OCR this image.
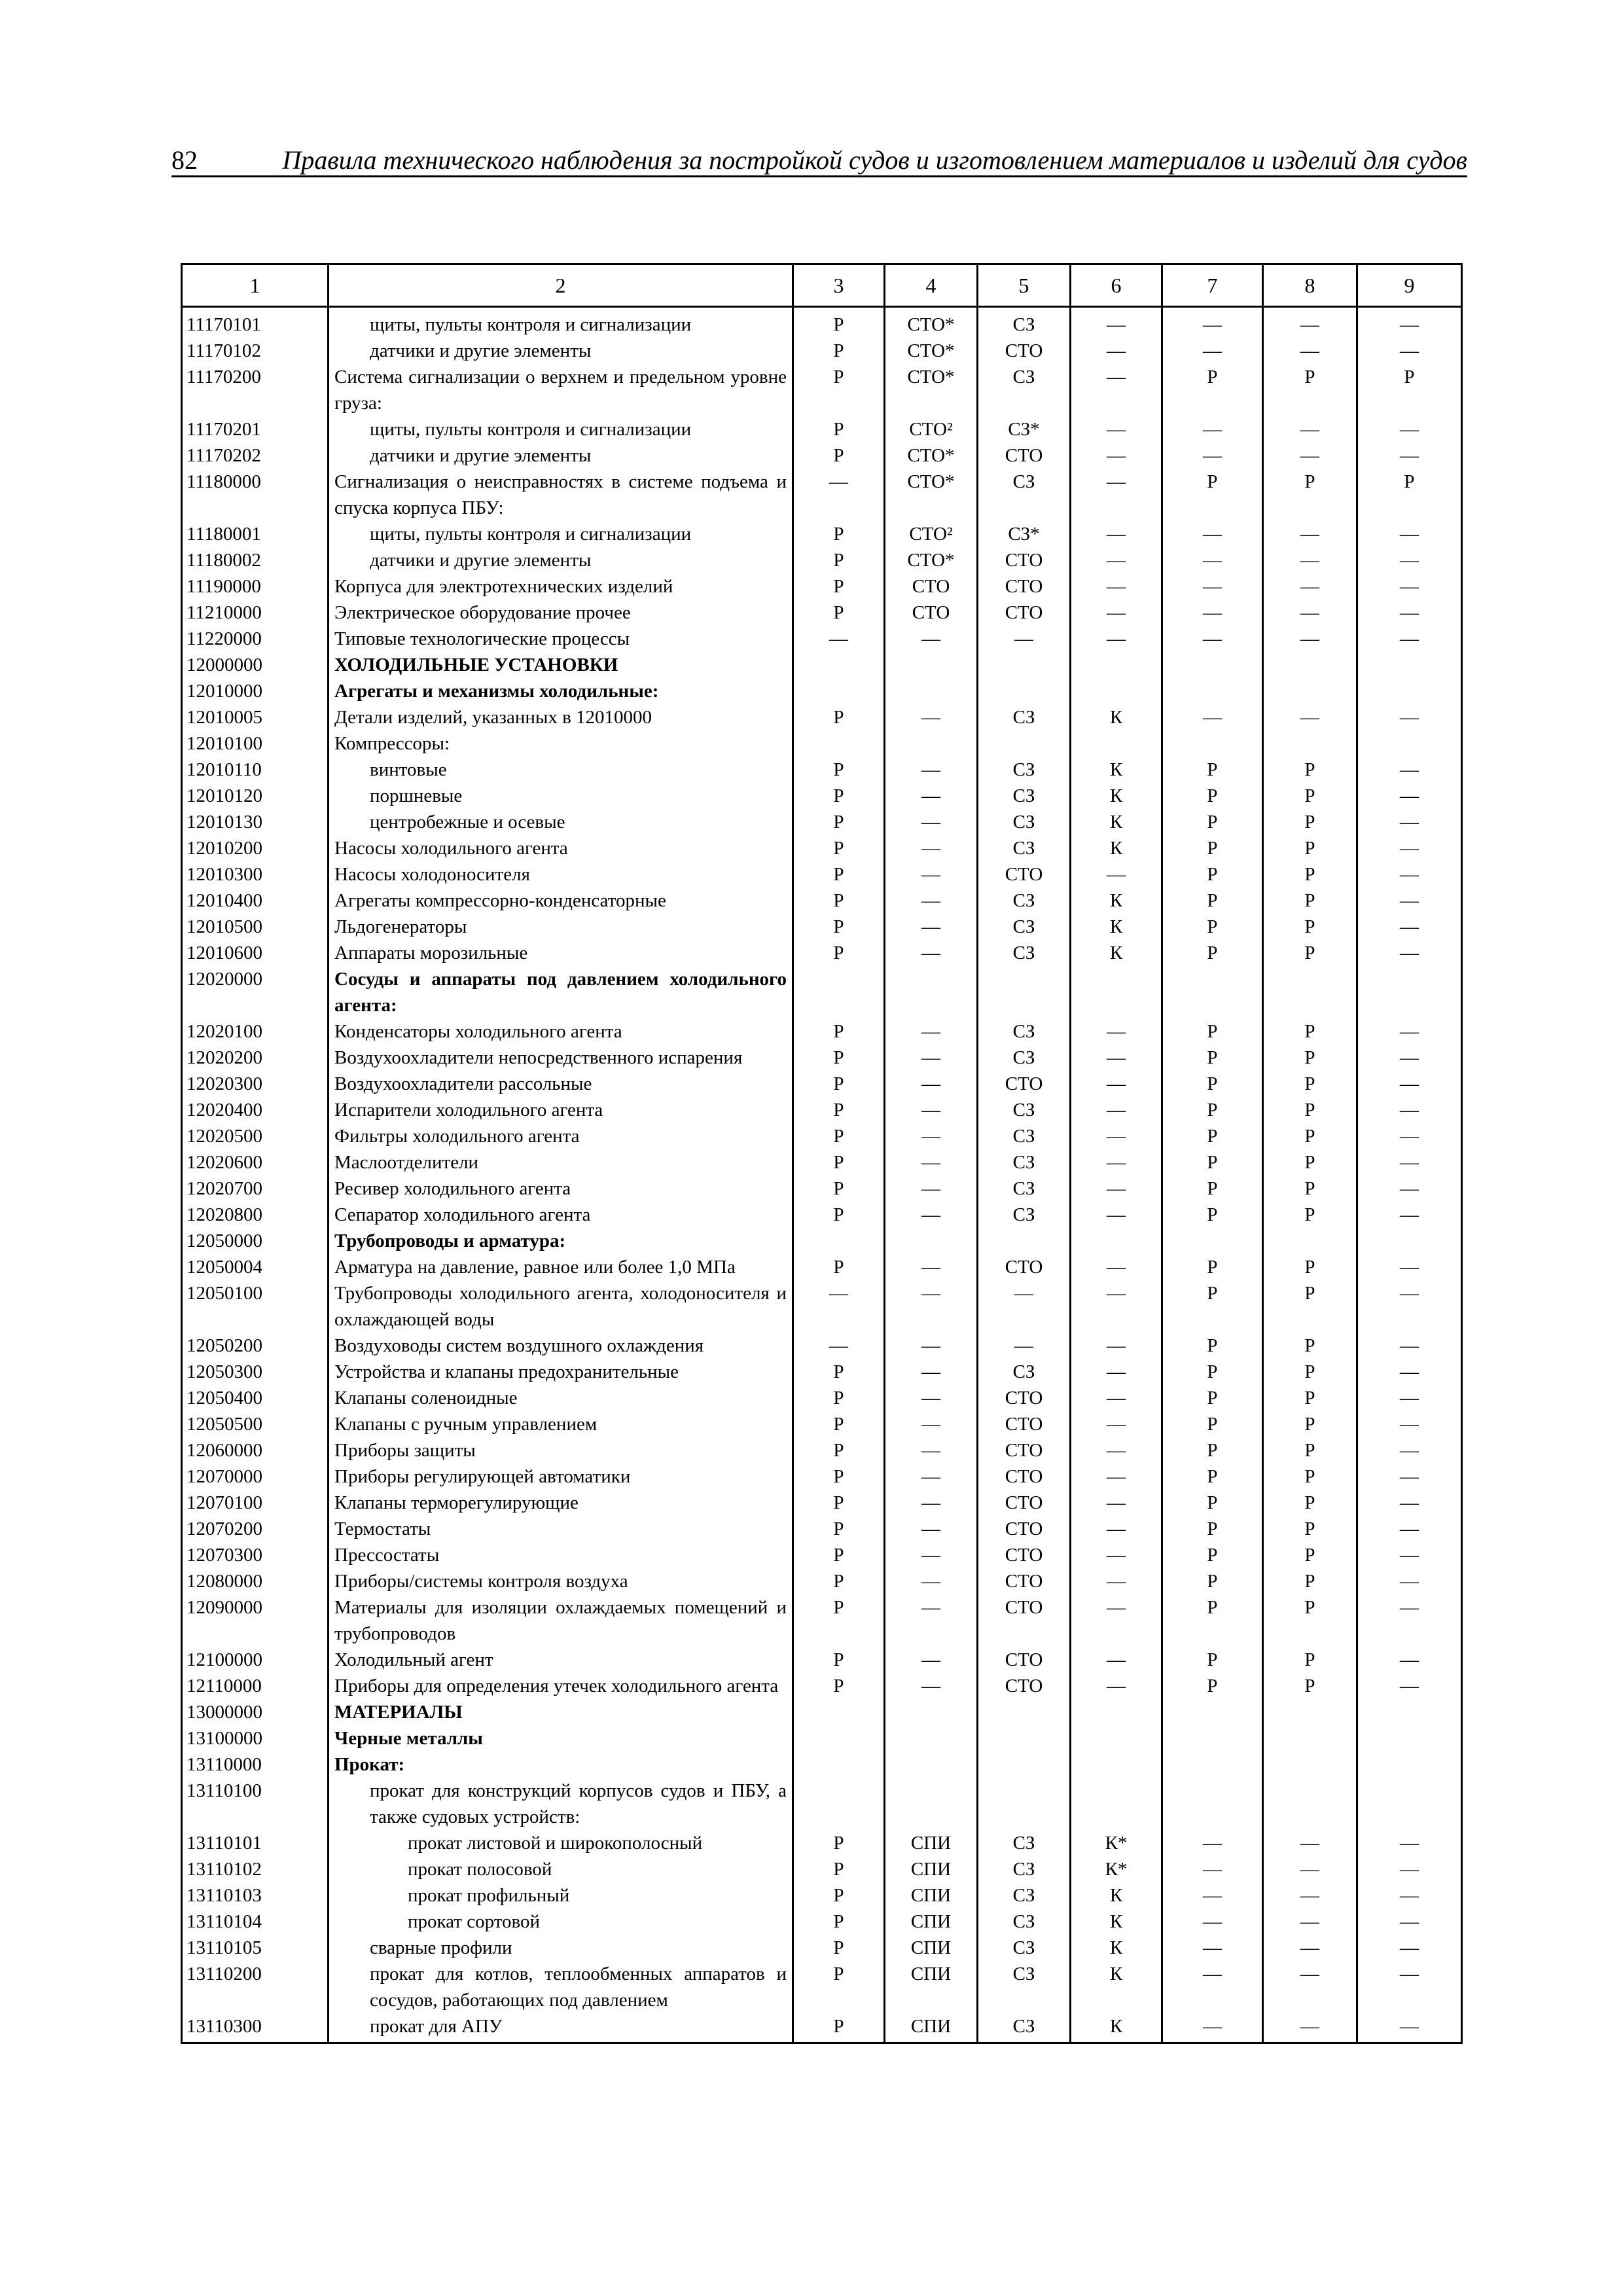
82	Правила технического наблюдения за постройкой судов и изготовлением материалов и изделий для судов
1	2	3	4	5	6	7	8	9
11170101	щиты, пульты контроля и сигнализации	Р	СТО*	СЗ	—	—	—	—
11170102	датчики и другие элементы	Р	СТО*	СТО	—	—	—	—
11170200	Система сигнализации о верхнем и предельном уровне груза:	Р	СТО*	СЗ	—	Р	Р	Р
11170201	щиты, пульты контроля и сигнализации	Р	СТО²	СЗ*	—	—	—	—
11170202	датчики и другие элементы	Р	СТО*	СТО	—	—	—	—
11180000	Сигнализация о неисправностях в системе подъема и спуска корпуса ПБУ:	—	СТО*	СЗ	—	Р	Р	Р
11180001	щиты, пульты контроля и сигнализации	Р	СТО²	СЗ*	—	—	—	—
11180002	датчики и другие элементы	Р	СТО*	СТО	—	—	—	—
11190000	Корпуса для электротехнических изделий	Р	СТО	СТО	—	—	—	—
11210000	Электрическое оборудование прочее	Р	СТО	СТО	—	—	—	—
11220000	Типовые технологические процессы	—	—	—	—	—	—	—
12000000	ХОЛОДИЛЬНЫЕ УСТАНОВКИ							
12010000	Агрегаты и механизмы холодильные:							
12010005	Детали изделий, указанных в 12010000	Р	—	СЗ	К	—	—	—
12010100	Компрессоры:							
12010110	винтовые	Р	—	СЗ	К	Р	Р	—
12010120	поршневые	Р	—	СЗ	К	Р	Р	—
12010130	центробежные и осевые	Р	—	СЗ	К	Р	Р	—
12010200	Насосы холодильного агента	Р	—	СЗ	К	Р	Р	—
12010300	Насосы холодоносителя	Р	—	СТО	—	Р	Р	—
12010400	Агрегаты компрессорно-конденсаторные	Р	—	СЗ	К	Р	Р	—
12010500	Льдогенераторы	Р	—	СЗ	К	Р	Р	—
12010600	Аппараты морозильные	Р	—	СЗ	К	Р	Р	—
12020000	Сосуды и аппараты под давлением холодильного агента:							
12020100	Конденсаторы холодильного агента	Р	—	СЗ	—	Р	Р	—
12020200	Воздухоохладители непосредственного испарения	Р	—	СЗ	—	Р	Р	—
12020300	Воздухоохладители рассольные	Р	—	СТО	—	Р	Р	—
12020400	Испарители холодильного агента	Р	—	СЗ	—	Р	Р	—
12020500	Фильтры холодильного агента	Р	—	СЗ	—	Р	Р	—
12020600	Маслоотделители	Р	—	СЗ	—	Р	Р	—
12020700	Ресивер холодильного агента	Р	—	СЗ	—	Р	Р	—
12020800	Сепаратор холодильного агента	Р	—	СЗ	—	Р	Р	—
12050000	Трубопроводы и арматура:							
12050004	Арматура на давление, равное или более 1,0 МПа	Р	—	СТО	—	Р	Р	—
12050100	Трубопроводы холодильного агента, холодоносителя и охлаждающей воды	—	—	—	—	Р	Р	—
12050200	Воздуховоды систем воздушного охлаждения	—	—	—	—	Р	Р	—
12050300	Устройства и клапаны предохранительные	Р	—	СЗ	—	Р	Р	—
12050400	Клапаны соленоидные	Р	—	СТО	—	Р	Р	—
12050500	Клапаны с ручным управлением	Р	—	СТО	—	Р	Р	—
12060000	Приборы защиты	Р	—	СТО	—	Р	Р	—
12070000	Приборы регулирующей автоматики	Р	—	СТО	—	Р	Р	—
12070100	Клапаны терморегулирующие	Р	—	СТО	—	Р	Р	—
12070200	Термостаты	Р	—	СТО	—	Р	Р	—
12070300	Прессостаты	Р	—	СТО	—	Р	Р	—
12080000	Приборы/системы контроля воздуха	Р	—	СТО	—	Р	Р	—
12090000	Материалы для изоляции охлаждаемых помещений и трубопроводов	Р	—	СТО	—	Р	Р	—
12100000	Холодильный агент	Р	—	СТО	—	Р	Р	—
12110000	Приборы для определения утечек холодильного агента	Р	—	СТО	—	Р	Р	—
13000000	МАТЕРИАЛЫ							
13100000	Черные металлы							
13110000	Прокат:							
13110100	прокат для конструкций корпусов судов и ПБУ, а также судовых устройств:							
13110101	прокат листовой и широкополосный	Р	СПИ	СЗ	К*	—	—	—
13110102	прокат полосовой	Р	СПИ	СЗ	К*	—	—	—
13110103	прокат профильный	Р	СПИ	СЗ	К	—	—	—
13110104	прокат сортовой	Р	СПИ	СЗ	К	—	—	—
13110105	сварные профили	Р	СПИ	СЗ	К	—	—	—
13110200	прокат для котлов, теплообменных аппаратов и сосудов, работающих под давлением	Р	СПИ	СЗ	К	—	—	—
13110300	прокат для АПУ	Р	СПИ	СЗ	К	—	—	—
